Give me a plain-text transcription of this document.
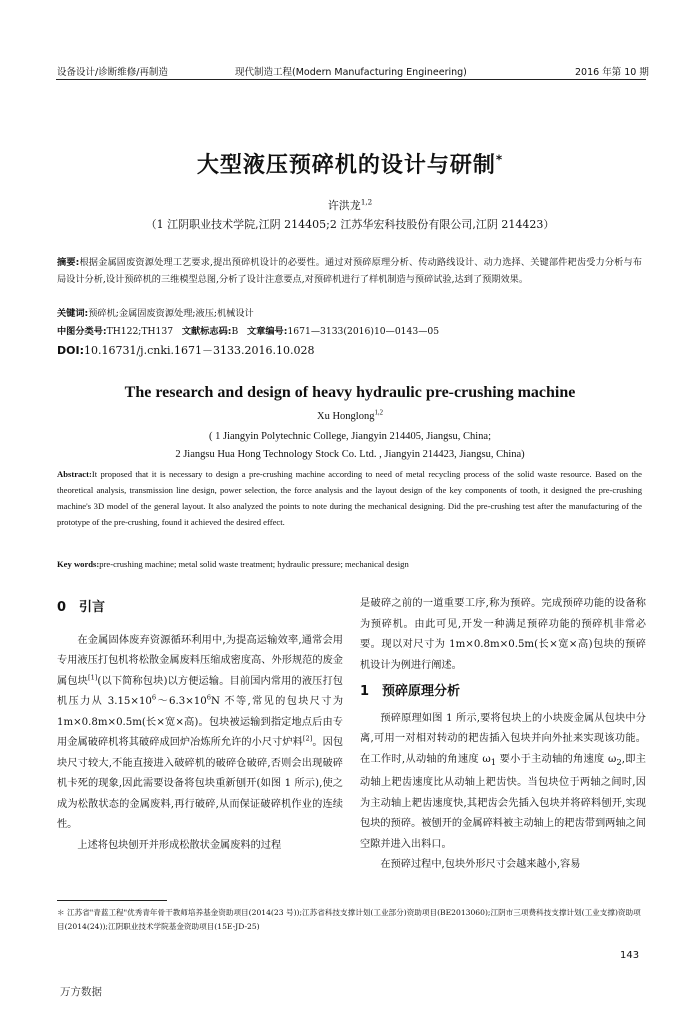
设备设计/诊断维修/再制造	现代制造工程(Modern Manufacturing Engineering)	2016 年第 10 期
大型液压预碎机的设计与研制*
许洪龙$^{1,2}$
（1 江阴职业技术学院,江阴 214405;2 江苏华宏科技股份有限公司,江阴 214423）
摘要:根据金属固废资源处理工艺要求,提出预碎机设计的必要性。通过对预碎原理分析、传动路线设计、动力选择、关键部件耙齿受力分析与布局设计分析,设计预碎机的三维模型总图,分析了设计注意要点,对预碎机进行了样机制造与预碎试验,达到了预期效果。
关键词:预碎机;金属固废资源处理;液压;机械设计
中图分类号:TH122;TH137 文献标志码:B 文章编号:1671—3133(2016)10—0143—05
DOI:10.16731/j.cnki.1671－3133.2016.10.028
The research and design of heavy hydraulic pre-crushing machine
Xu Honglong$^{1,2}$
( 1 Jiangyin Polytechnic College, Jiangyin 214405, Jiangsu, China;
2 Jiangsu Hua Hong Technology Stock Co. Ltd. , Jiangyin 214423, Jiangsu, China)
Abstract:It proposed that it is necessary to design a pre-crushing machine according to need of metal recycling process of the solid waste resource. Based on the theoretical analysis, transmission line design, power selection, the force analysis and the layout design of the key components of tooth, it designed the pre-crushing machine's 3D model of the general layout. It also analyzed the points to note during the mechanical designing. Did the pre-crushing test after the manufacturing of the prototype of the pre-crushing, found it achieved the desired effect.
Key words:pre-crushing machine; metal solid waste treatment; hydraulic pressure; mechanical design
0　引言

在金属固体废弃资源循环利用中,为提高运输效率,通常会用专用液压打包机将松散金属废料压缩成密度高、外形规范的废金属包块[1](以下简称包块)以方便运输。目前国内常用的液压打包机压力从 $3.15\times 10^6\sim 6.3\times 10^6N$ 不等,常见的包块尺寸为1m×0.8m×0.5m(长×宽×高)。包块被运输到指定地点后由专用金属破碎机将其破碎成回炉冶炼所允许的小尺寸炉料[2]。因包块尺寸较大,不能直接进入破碎机的破碎仓破碎,否则会出现破碎机卡死的现象,因此需要设备将包块重新刨开(如图 1 所示),使之成为松散状态的金属废料,再行破碎,从而保证破碎机作业的连续性。

上述将包块刨开并形成松散状金属废料的过程

是破碎之前的一道重要工序,称为预碎。完成预碎功能的设备称为预碎机。由此可见,开发一种满足预碎功能的预碎机非常必要。现以对尺寸为 1m×0.8m×0.5m(长×宽×高)包块的预碎机设计为例进行阐述。

1　预碎原理分析

预碎原理如图 1 所示,要将包块上的小块废金属从包块中分离,可用一对相对转动的耙齿插入包块并向外扯来实现该功能。在工作时,从动轴的角速度 $\omega_1$ 要小于主动轴的角速度 $\omega_2$,即主动轴上耙齿速度比从动轴上耙齿快。当包块位于两轴之间时,因为主动轴上耙齿速度快,其耙齿会先插入包块并将碎料刨开,实现包块的预碎。被刨开的金属碎料被主动轴上的耙齿带到两轴之间空隙并进入出料口。

在预碎过程中,包块外形尺寸会越来越小,容易

＊ 江苏省"青蓝工程"优秀青年骨干教师培养基金资助项目(2014(23 号));江苏省科技支撑计划(工业部分)资助项目(BE2013060);江阴市三项费科技支撑计划(工业支撑)资助项目(2014(24));江阴职业技术学院基金资助项目(15E-JD-25)
143
万方数据
